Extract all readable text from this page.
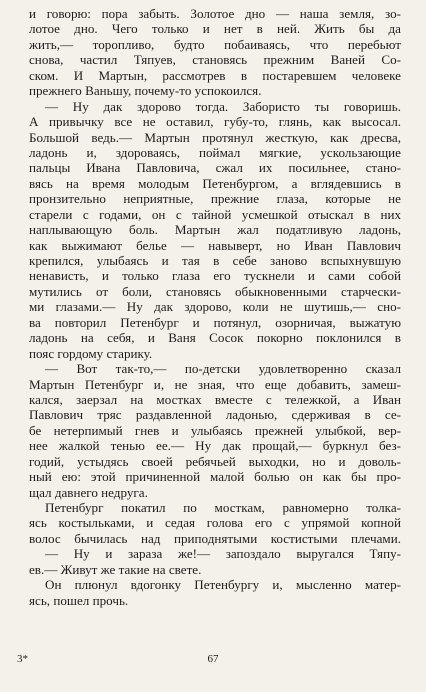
и говорю: пора забыть. Золотое дно — наша земля, зо-
лотое дно. Чего только и нет в ней. Жить бы да
жить,— торопливо, будто побаиваясь, что перебьют
снова, частил Тяпуев, становясь прежним Ваней Со-
ском. И Мартын, рассмотрев в постаревшем человеке
прежнего Ваньшу, почему-то успокоился.
— Ну дак здорово тогда. Забористо ты говоришь.
А привычку все не оставил, губу-то, глянь, как высосал.
Большой ведь.— Мартын протянул жесткую, как дресва,
ладонь и, здороваясь, поймал мягкие, ускользающие
пальцы Ивана Павловича, сжал их посильнее, стано-
вясь на время молодым Петенбургом, а вглядевшись в
пронзительно неприятные, прежние глаза, которые не
старели с годами, он с тайной усмешкой отыскал в них
наплывающую боль. Мартын жал податливую ладонь,
как выжимают белье — навыверт, но Иван Павлович
крепился, улыбаясь и тая в себе заново вспыхнувшую
ненависть, и только глаза его тускнели и сами собой
мутились от боли, становясь обыкновенными старчески-
ми глазами.— Ну дак здорово, коли не шутишь,— сно-
ва повторил Петенбург и потянул, озорничая, выжатую
ладонь на себя, и Ваня Сосок покорно поклонился в
пояс гордому старику.
— Вот так-то,— по-детски удовлетворенно сказал
Мартын Петенбург и, не зная, что еще добавить, замеш-
кался, заерзал на мостках вместе с тележкой, а Иван
Павлович тряс раздавленной ладонью, сдерживая в се-
бе нетерпимый гнев и улыбаясь прежней улыбкой, вер-
нее жалкой тенью ее.— Ну дак прощай,— буркнул без-
годий, устыдясь своей ребячьей выходки, но и доволь-
ный ею: этой причиненной малой болью он как бы про-
щал давнего недруга.
Петенбург покатил по мосткам, равномерно толка-
ясь костыльками, и седая голова его с упрямой копной
волос бычилась над приподнятыми костистыми плечами.
— Ну и зараза же!— запоздало выругался Тяпу-
ев.— Живут же такие на свете.
Он плюнул вдогонку Петенбургу и, мысленно матер-
ясь, пошел прочь.
3*	67
